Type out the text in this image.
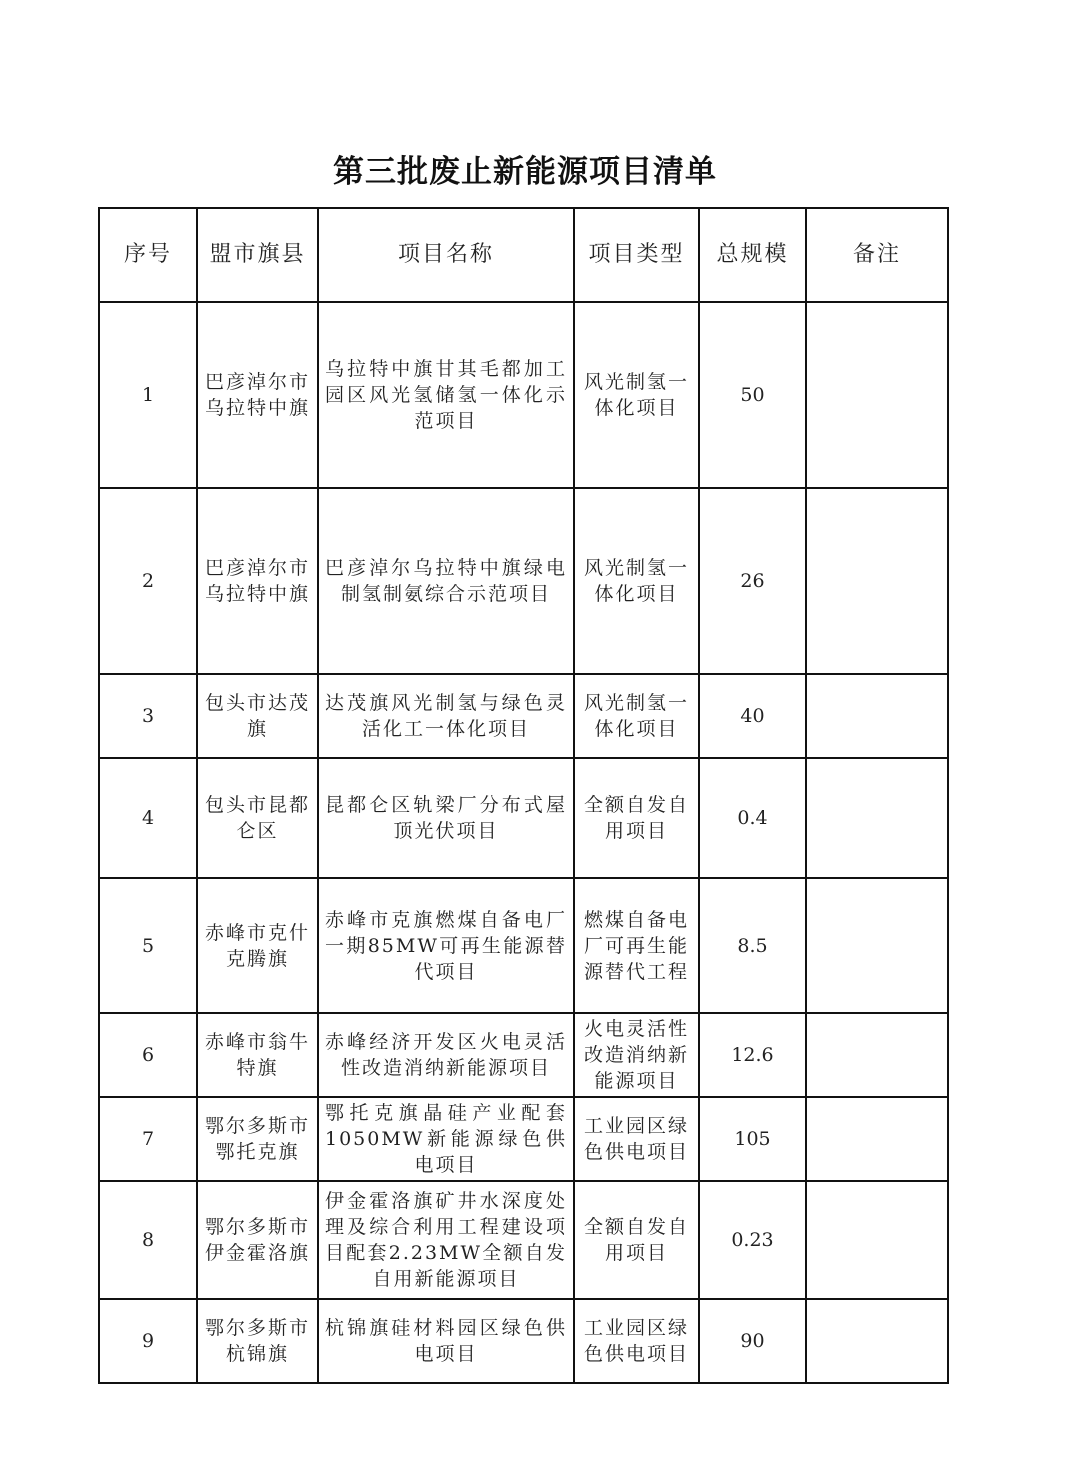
第三批废止新能源项目清单
序号	盟市旗县	项目名称	项目类型	总规模	备注
1	巴彦淖尔市乌拉特中旗	乌拉特中旗甘其毛都加工园区风光氢储氢一体化示范项目	风光制氢一体化项目	50	
2	巴彦淖尔市乌拉特中旗	巴彦淖尔乌拉特中旗绿电制氢制氨综合示范项目	风光制氢一体化项目	26	
3	包头市达茂旗	达茂旗风光制氢与绿色灵活化工一体化项目	风光制氢一体化项目	40	
4	包头市昆都仑区	昆都仑区轨梁厂分布式屋顶光伏项目	全额自发自用项目	0.4	
5	赤峰市克什克腾旗	赤峰市克旗燃煤自备电厂一期85MW可再生能源替代项目	燃煤自备电厂可再生能源替代工程	8.5	
6	赤峰市翁牛特旗	赤峰经济开发区火电灵活性改造消纳新能源项目	火电灵活性改造消纳新能源项目	12.6	
7	鄂尔多斯市鄂托克旗	鄂托克旗晶硅产业配套1050MW新能源绿色供电项目	工业园区绿色供电项目	105	
8	鄂尔多斯市伊金霍洛旗	伊金霍洛旗矿井水深度处理及综合利用工程建设项目配套2.23MW全额自发自用新能源项目	全额自发自用项目	0.23	
9	鄂尔多斯市杭锦旗	杭锦旗硅材料园区绿色供电项目	工业园区绿色供电项目	90	
